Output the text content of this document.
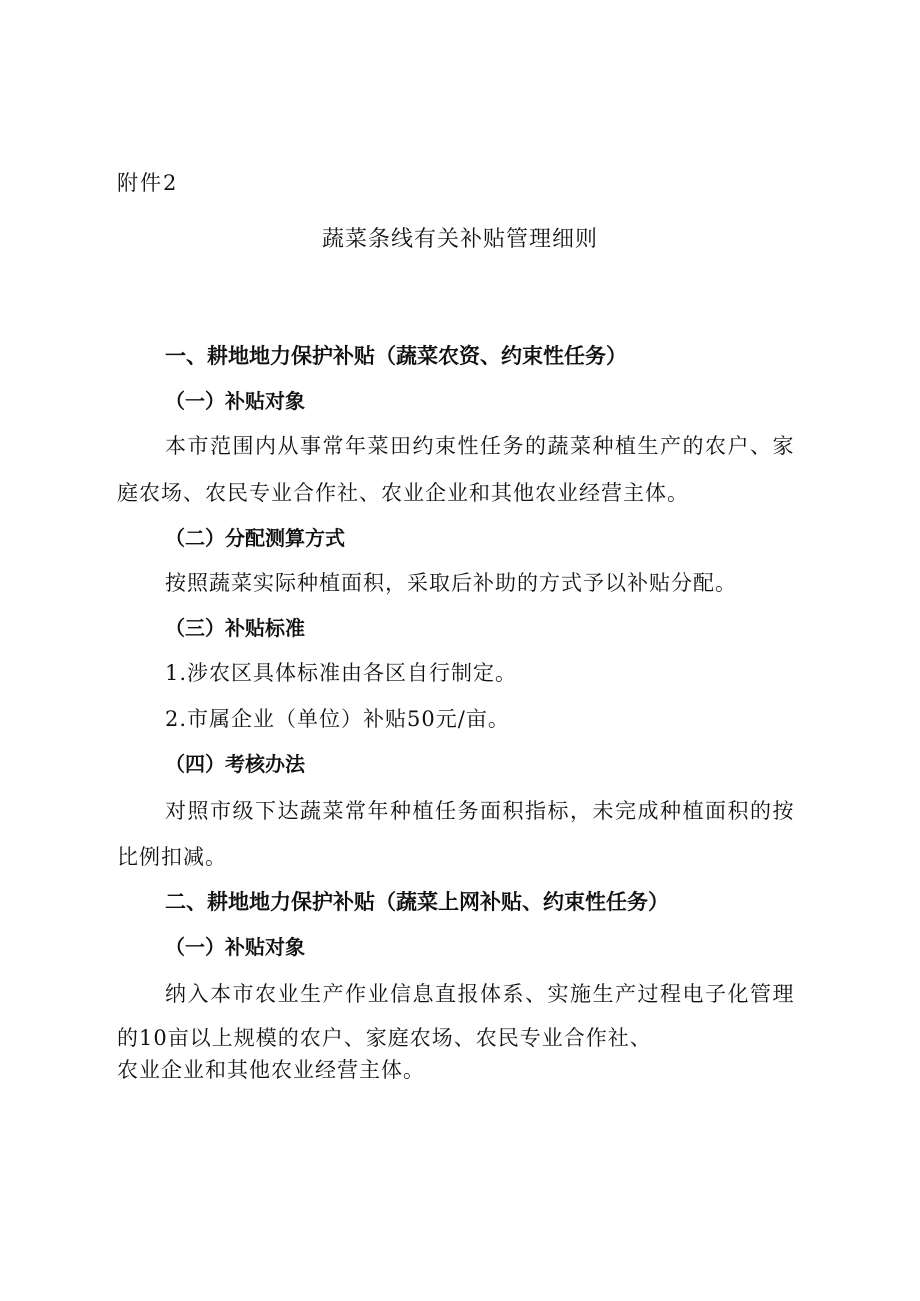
附件2
蔬菜条线有关补贴管理细则
一、耕地地力保护补贴（蔬菜农资、约束性任务）
（一）补贴对象
本市范围内从事常年菜田约束性任务的蔬菜种植生产的农户、家
庭农场、农民专业合作社、农业企业和其他农业经营主体。
（二）分配测算方式
按照蔬菜实际种植面积，采取后补助的方式予以补贴分配。
（三）补贴标准
1.涉农区具体标准由各区自行制定。
2.市属企业（单位）补贴50元/亩。
（四）考核办法
对照市级下达蔬菜常年种植任务面积指标，未完成种植面积的按
比例扣减。
二、耕地地力保护补贴（蔬菜上网补贴、约束性任务）
（一）补贴对象
纳入本市农业生产作业信息直报体系、实施生产过程电子化管理
的10亩以上规模的农户、家庭农场、农民专业合作社、
农业企业和其他农业经营主体。
